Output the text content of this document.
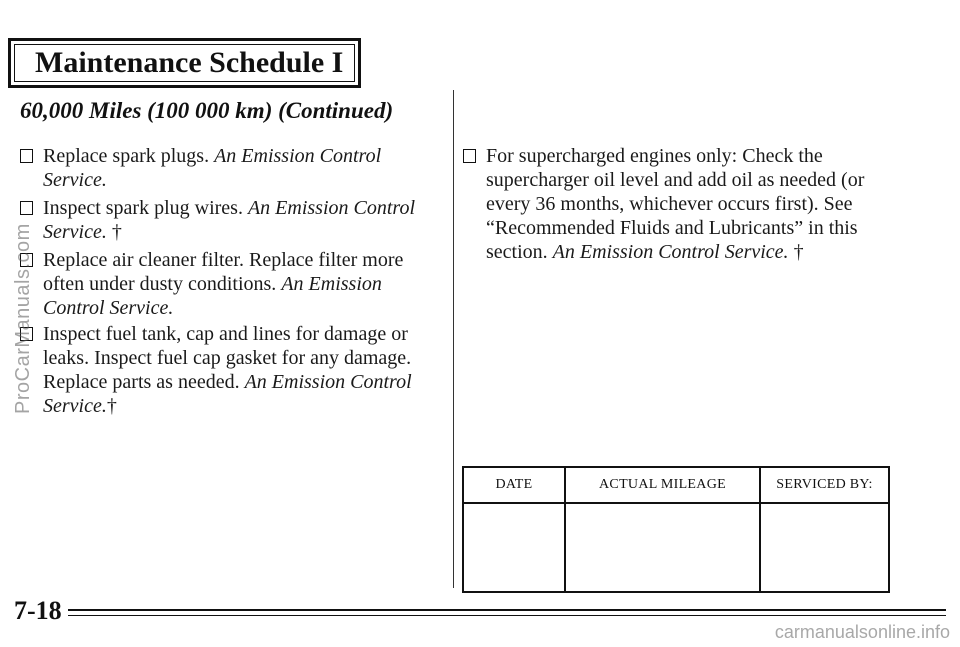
Maintenance Schedule I
60,000 Miles (100 000 km) (Continued)
Replace spark plugs. An Emission Control Service.
Inspect spark plug wires. An Emission Control Service. †
Replace air cleaner filter. Replace filter more often under dusty conditions. An Emission Control Service.
Inspect fuel tank, cap and lines for damage or leaks. Inspect fuel cap gasket for any damage. Replace parts as needed. An Emission Control Service.†
For supercharged engines only: Check the supercharger oil level and add oil as needed (or every 36 months, whichever occurs first). See “Recommended Fluids and Lubricants” in this section. An Emission Control Service. †
DATE	ACTUAL MILEAGE	SERVICED BY:

7-18
ProCarManuals.com
carmanualsonline.info
